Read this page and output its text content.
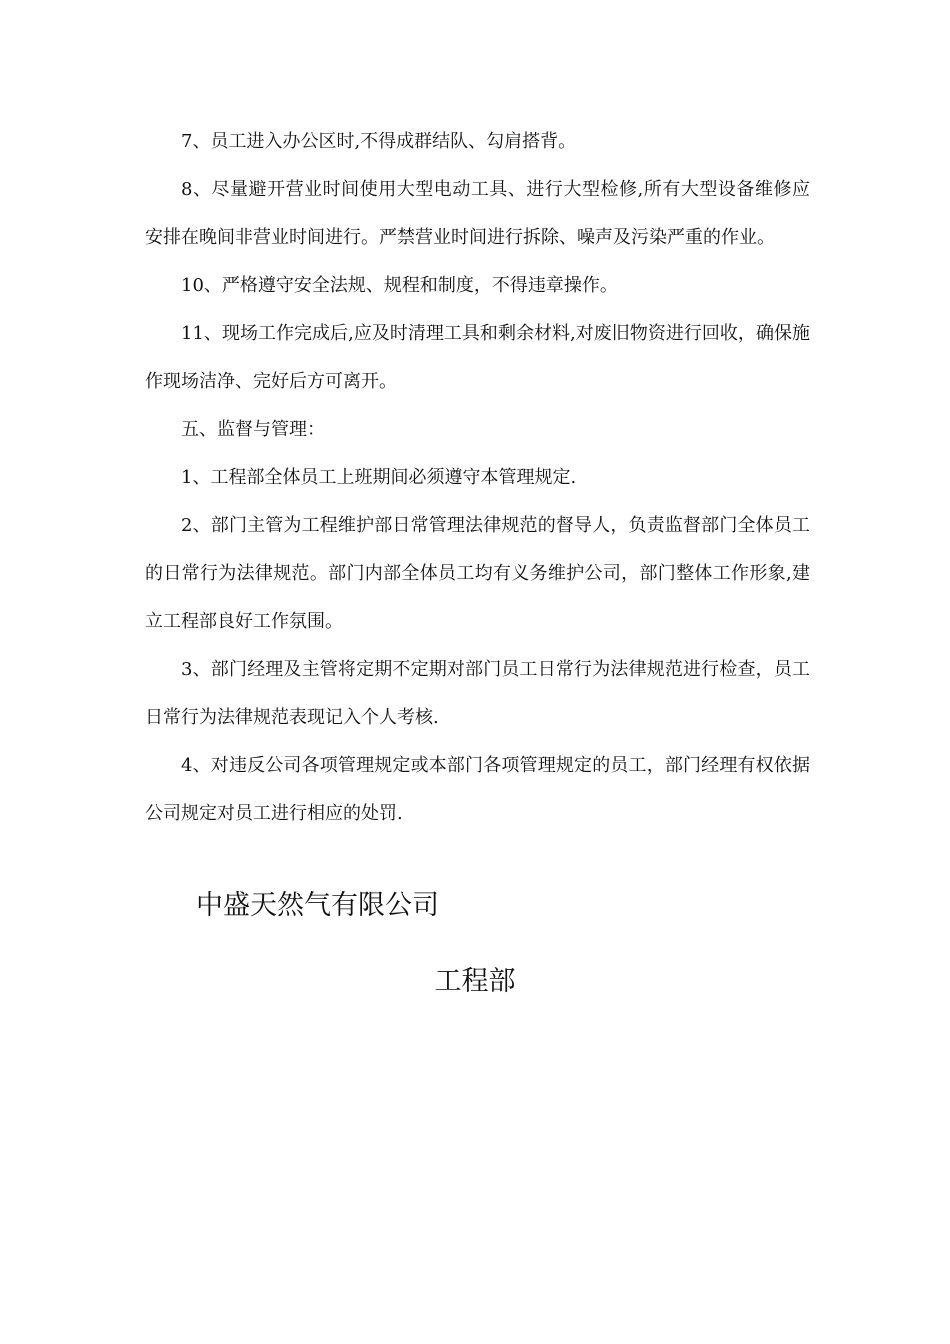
7、员工进入办公区时,不得成群结队、勾肩搭背。

8、尽量避开营业时间使用大型电动工具、进行大型检修,所有大型设备维修应安排在晚间非营业时间进行。严禁营业时间进行拆除、噪声及污染严重的作业。

10、严格遵守安全法规、规程和制度，不得违章操作。

11、现场工作完成后,应及时清理工具和剩余材料,对废旧物资进行回收，确保施作现场洁净、完好后方可离开。

五、监督与管理：

1、工程部全体员工上班期间必须遵守本管理规定.

2、部门主管为工程维护部日常管理法律规范的督导人，负责监督部门全体员工的日常行为法律规范。部门内部全体员工均有义务维护公司，部门整体工作形象,建立工程部良好工作氛围。

3、部门经理及主管将定期不定期对部门员工日常行为法律规范进行检查，员工日常行为法律规范表现记入个人考核.

4、对违反公司各项管理规定或本部门各项管理规定的员工，部门经理有权依据公司规定对员工进行相应的处罚.

中盛天然气有限公司
工程部
